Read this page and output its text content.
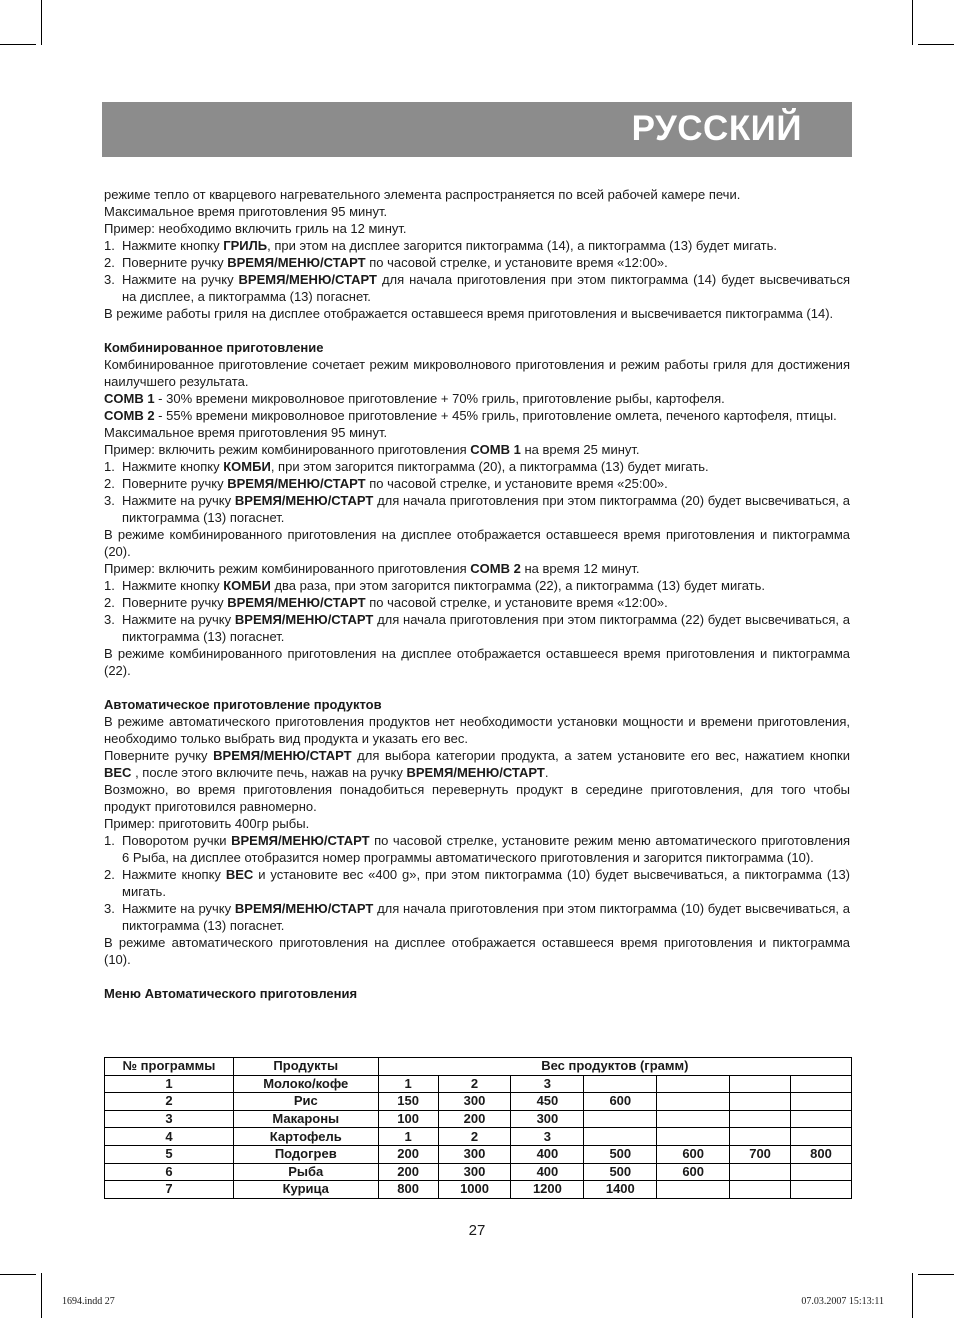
РУССКИЙ

режиме тепло от кварцевого нагревательного элемента распространяется по всей рабочей камере печи.

Максимальное время приготовления 95 минут.

Пример: необходимо включить гриль на 12 минут.

1. Нажмите кнопку ГРИЛЬ, при этом на дисплее загорится пиктограмма (14), а пиктограмма (13) будет мигать.
2. Поверните ручку ВРЕМЯ/МЕНЮ/СТАРТ по часовой стрелке, и установите время «12:00».
3. Нажмите на ручку ВРЕМЯ/МЕНЮ/СТАРТ для начала приготовления при этом пиктограмма (14) будет высвечиваться на дисплее, а пиктограмма (13) погаснет.

В режиме работы гриля на дисплее отображается оставшееся время приготовления и высвечивается пиктограмма (14).

Комбинированное приготовление

Комбинированное приготовление сочетает режим микроволнового приготовления и режим работы гриля для достижения наилучшего результата.

COMB 1 - 30% времени микроволновое приготовление + 70% гриль, приготовление рыбы, картофеля.

COMB 2 - 55% времени микроволновое приготовление + 45% гриль, приготовление омлета, печеного картофеля, птицы.

Максимальное время приготовления 95 минут.

Пример: включить режим комбинированного приготовления COMB 1 на время 25 минут.

1. Нажмите кнопку КОМБИ, при этом загорится пиктограмма (20), а пиктограмма (13) будет мигать.
2. Поверните ручку ВРЕМЯ/МЕНЮ/СТАРТ по часовой стрелке, и установите время «25:00».
3. Нажмите на ручку ВРЕМЯ/МЕНЮ/СТАРТ для начала приготовления при этом пиктограмма (20) будет высвечиваться, а пиктограмма (13) погаснет.

В режиме комбинированного приготовления на дисплее отображается оставшееся время приготовления и пиктограмма (20).

Пример: включить режим комбинированного приготовления COMB 2 на время 12 минут.

1. Нажмите кнопку КОМБИ два раза, при этом загорится пиктограмма (22), а пиктограмма (13) будет мигать.
2. Поверните ручку ВРЕМЯ/МЕНЮ/СТАРТ по часовой стрелке, и установите время «12:00».
3. Нажмите на ручку ВРЕМЯ/МЕНЮ/СТАРТ для начала приготовления при этом пиктограмма (22) будет высвечиваться, а пиктограмма (13) погаснет.

В режиме комбинированного приготовления на дисплее отображается оставшееся время приготовления и пиктограмма (22).

Автоматическое приготовление продуктов

В режиме автоматического приготовления продуктов нет необходимости установки мощности и времени приготовления, необходимо только выбрать вид продукта и указать его вес.

Поверните ручку ВРЕМЯ/МЕНЮ/СТАРТ для выбора категории продукта, а затем установите его вес, нажатием кнопки ВЕС , после этого включите печь, нажав на ручку ВРЕМЯ/МЕНЮ/СТАРТ.

Возможно, во время приготовления понадобиться перевернуть продукт в середине приготовления, для того чтобы продукт приготовился равномерно.

Пример: приготовить 400гр рыбы.

1. Поворотом ручки ВРЕМЯ/МЕНЮ/СТАРТ по часовой стрелке, установите режим меню автоматического приготовления 6 Рыба, на дисплее отобразится номер программы автоматического приготовления и загорится пиктограмма (10).
2. Нажмите кнопку ВЕС и установите вес «400 g», при этом пиктограмма (10) будет высвечиваться, а пиктограмма (13) мигать.
3. Нажмите на ручку ВРЕМЯ/МЕНЮ/СТАРТ для начала приготовления при этом пиктограмма (10) будет высвечиваться, а пиктограмма (13) погаснет.

В режиме автоматического приготовления на дисплее отображается оставшееся время приготовления и пиктограмма (10).

Меню Автоматического приготовления

№ программы	Продукты	Вес продуктов (грамм)						
1	Молоко/кофе	1	2	3				
2	Рис	150	300	450	600			
3	Макароны	100	200	300				
4	Картофель	1	2	3				
5	Подогрев	200	300	400	500	600	700	800
6	Рыба	200	300	400	500	600		
7	Курица	800	1000	1200	1400			
27
1694.indd 27	07.03.2007 15:13:11
